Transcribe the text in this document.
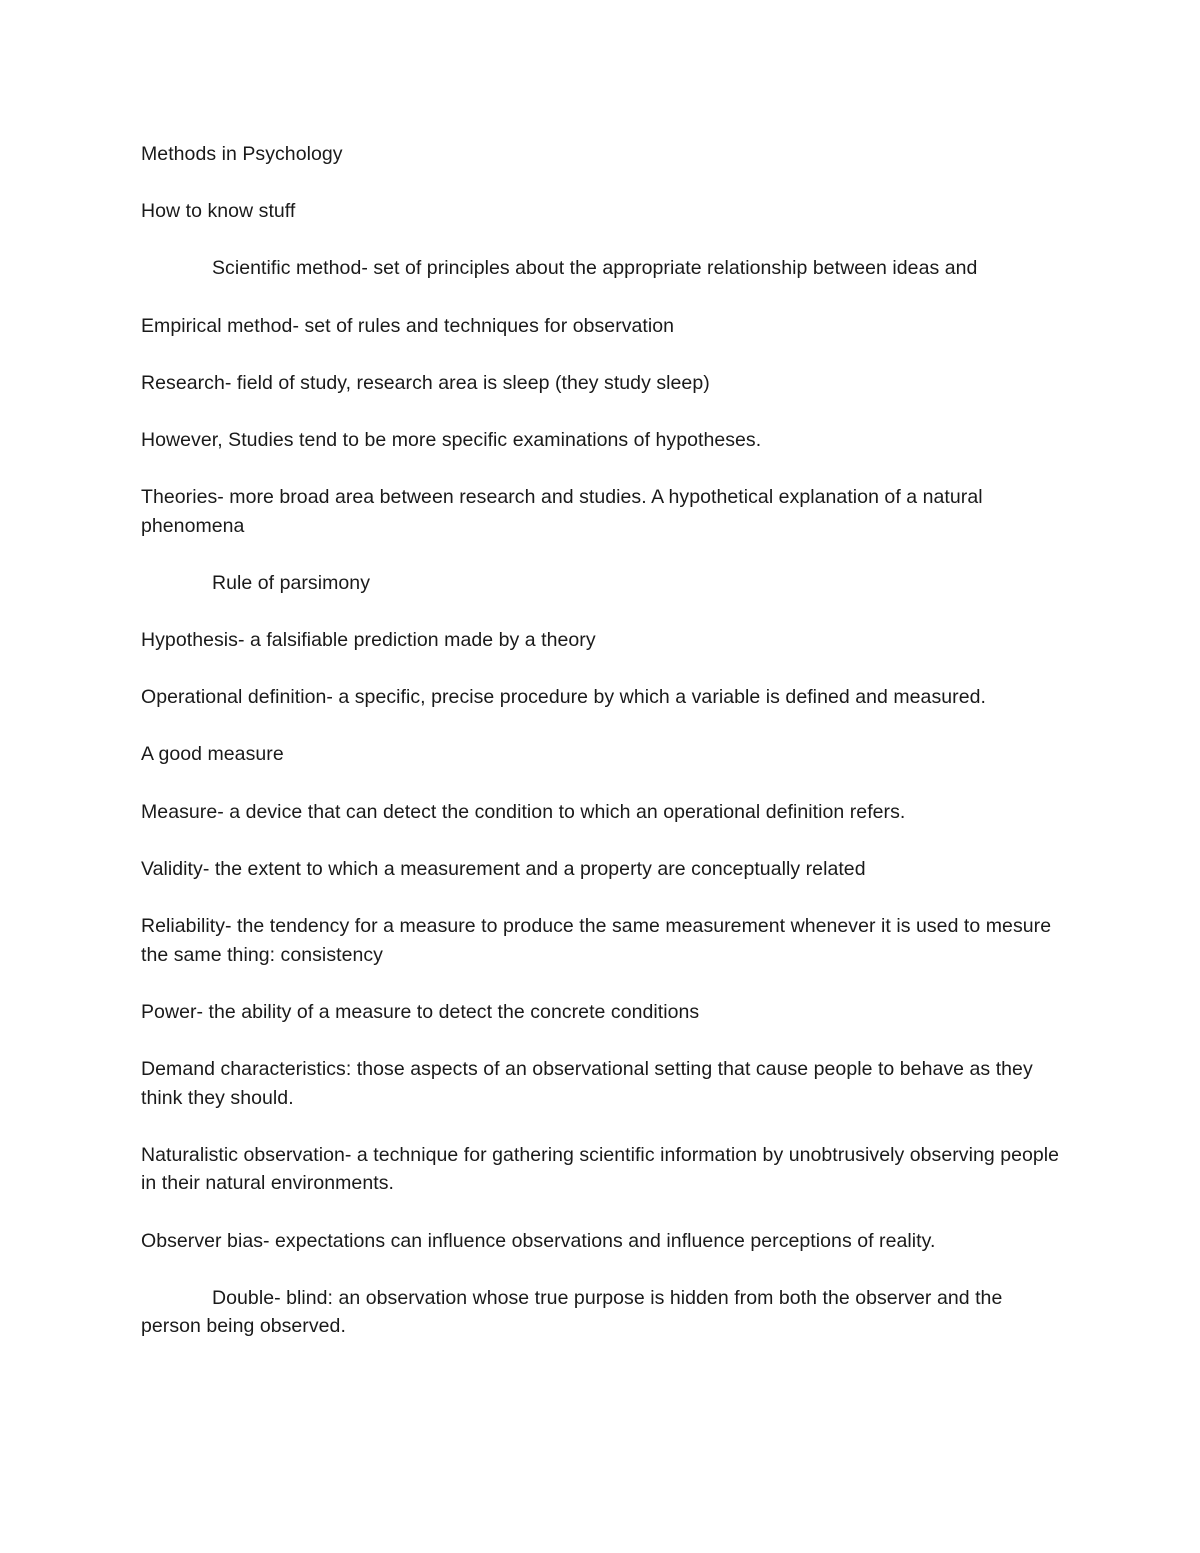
Methods in Psychology

How to know stuff

Scientific method- set of principles about the appropriate relationship between ideas and

Empirical method- set of rules and techniques for observation

Research- field of study, research area is sleep (they study sleep)

However, Studies tend to be more specific examinations of hypotheses.

Theories- more broad area between research and studies. A hypothetical explanation of a natural phenomena

Rule of parsimony

Hypothesis- a falsifiable prediction made by a theory

Operational definition- a specific, precise procedure by which a variable is defined and measured.

A good measure

Measure- a device that can detect the condition to which an operational definition refers.

Validity- the extent to which a measurement and a property are conceptually related

Reliability- the tendency for a measure to produce the same measurement whenever it is used to mesure the same thing: consistency

Power- the ability of a measure to detect the concrete conditions

Demand characteristics: those aspects of an observational setting that cause people to behave as they think they should.

Naturalistic observation- a technique for gathering scientific information by unobtrusively observing people in their natural environments.

Observer bias- expectations can influence observations and influence perceptions of reality.

Double- blind: an observation whose true purpose is hidden from both the observer and the person being observed.
